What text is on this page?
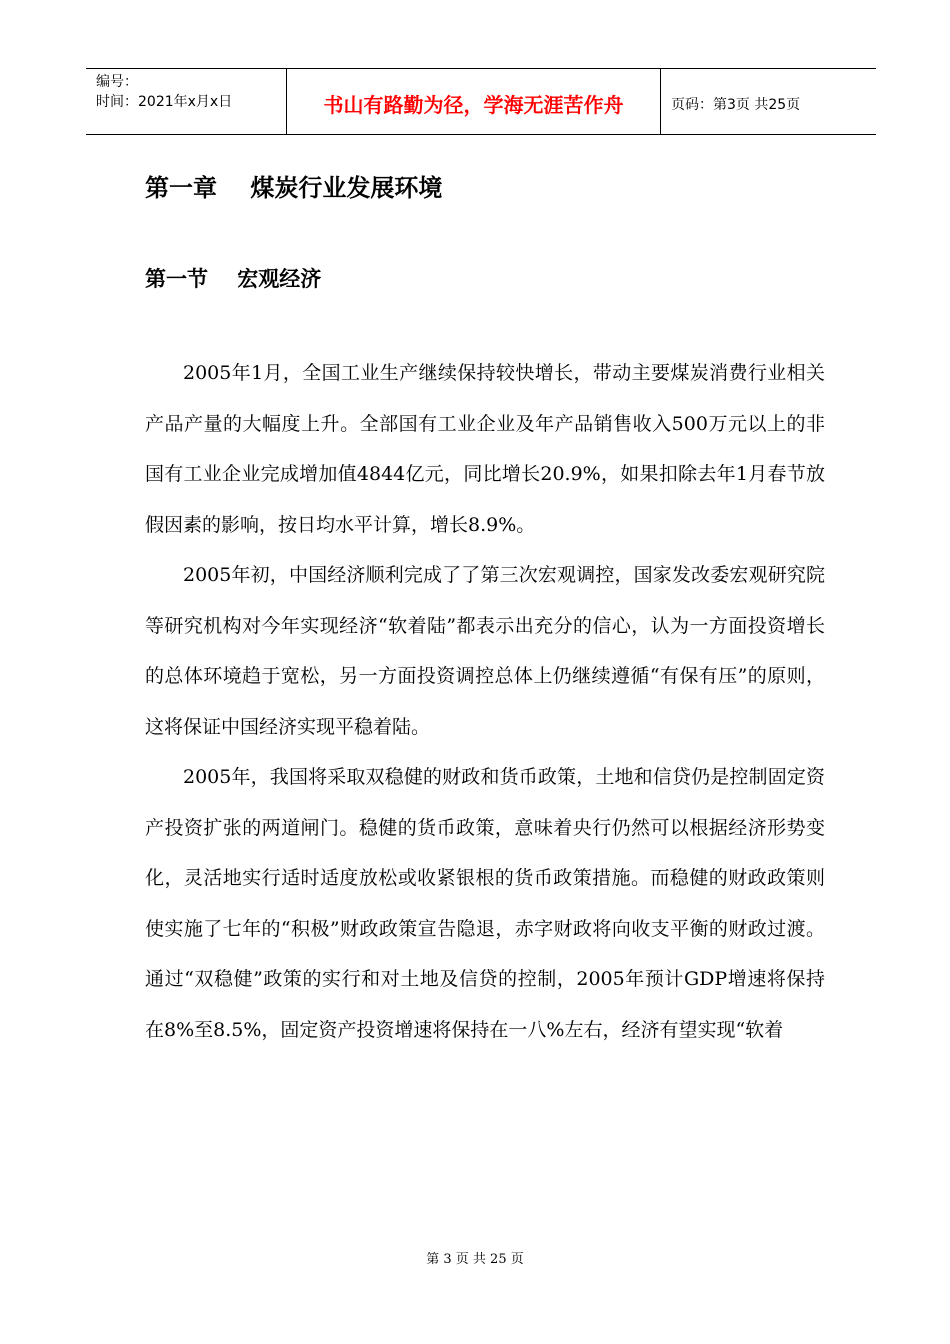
编号：
时间：2021年x月x日	书山有路勤为径，学海无涯苦作舟	页码：第3页 共25页
第一章    煤炭行业发展环境
第一节    宏观经济

2005年1月，全国工业生产继续保持较快增长，带动主要煤炭消费行业相关产品产量的大幅度上升。全部国有工业企业及年产品销售收入500万元以上的非国有工业企业完成增加值4844亿元，同比增长20.9%，如果扣除去年1月春节放假因素的影响，按日均水平计算，增长8.9%。

2005年初，中国经济顺利完成了了第三次宏观调控，国家发改委宏观研究院等研究机构对今年实现经济“软着陆”都表示出充分的信心，认为一方面投资增长的总体环境趋于宽松，另一方面投资调控总体上仍继续遵循“有保有压”的原则，这将保证中国经济实现平稳着陆。

2005年，我国将采取双稳健的财政和货币政策，土地和信贷仍是控制固定资产投资扩张的两道闸门。稳健的货币政策，意味着央行仍然可以根据经济形势变化，灵活地实行适时适度放松或收紧银根的货币政策措施。而稳健的财政政策则使实施了七年的“积极”财政政策宣告隐退，赤字财政将向收支平衡的财政过渡。通过“双稳健”政策的实行和对土地及信贷的控制，2005年预计GDP增速将保持在8%至8.5%，固定资产投资增速将保持在一八%左右，经济有望实现“软着

第 3 页 共 25 页
